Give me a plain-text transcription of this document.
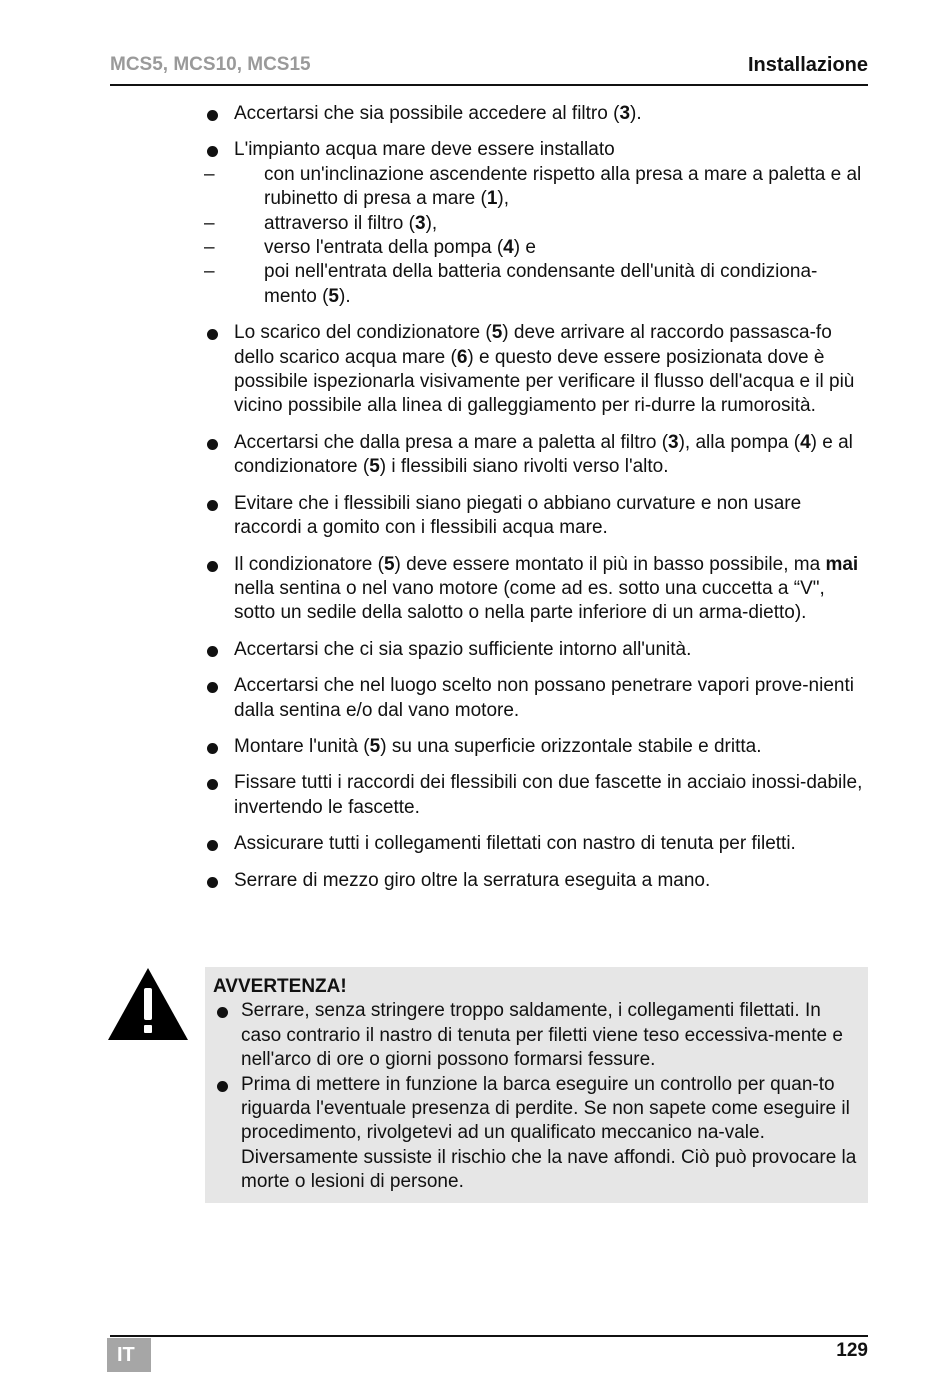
MCS5, MCS10, MCS15	Installazione
Accertarsi che sia possibile accedere al filtro (3).
L'impianto acqua mare deve essere installato
–	con un'inclinazione ascendente rispetto alla presa a mare a paletta e al rubinetto di presa a mare (1),
–	attraverso il filtro (3),
–	verso l'entrata della pompa (4) e
–	poi nell'entrata della batteria condensante dell'unità di condiziona-mento (5).
Lo scarico del condizionatore (5) deve arrivare al raccordo passasca-fo dello scarico acqua mare (6) e questo deve essere posizionata dove è possibile ispezionarla visivamente per verificare il flusso dell'acqua e il più vicino possibile alla linea di galleggiamento per ri-durre la rumorosità.
Accertarsi che dalla presa a mare a paletta al filtro (3), alla pompa (4) e al condizionatore (5) i flessibili siano rivolti verso l'alto.
Evitare che i flessibili siano piegati o abbiano curvature e non usare raccordi a gomito con i flessibili acqua mare.
Il condizionatore (5) deve essere montato il più in basso possibile, ma mai nella sentina o nel vano motore (come ad es. sotto una cuccetta a “V", sotto un sedile della salotto o nella parte inferiore di un arma-dietto).
Accertarsi che ci sia spazio sufficiente intorno all'unità.
Accertarsi che nel luogo scelto non possano penetrare vapori prove-nienti dalla sentina e/o dal vano motore.
Montare l'unità (5) su una superficie orizzontale stabile e dritta.
Fissare tutti i raccordi dei flessibili con due fascette in acciaio inossi-dabile, invertendo le fascette.
Assicurare tutti i collegamenti filettati con nastro di tenuta per filetti.
Serrare di mezzo giro oltre la serratura eseguita a mano.
AVVERTENZA!
Serrare, senza stringere troppo saldamente, i collegamenti filettati. In caso contrario il nastro di tenuta per filetti viene teso eccessiva-mente e nell'arco di ore o giorni possono formarsi fessure.
Prima di mettere in funzione la barca eseguire un controllo per quan-to riguarda l'eventuale presenza di perdite. Se non sapete come eseguire il procedimento, rivolgetevi ad un qualificato meccanico na-vale. Diversamente sussiste il rischio che la nave affondi. Ciò può provocare la morte o lesioni di persone.
IT	129
